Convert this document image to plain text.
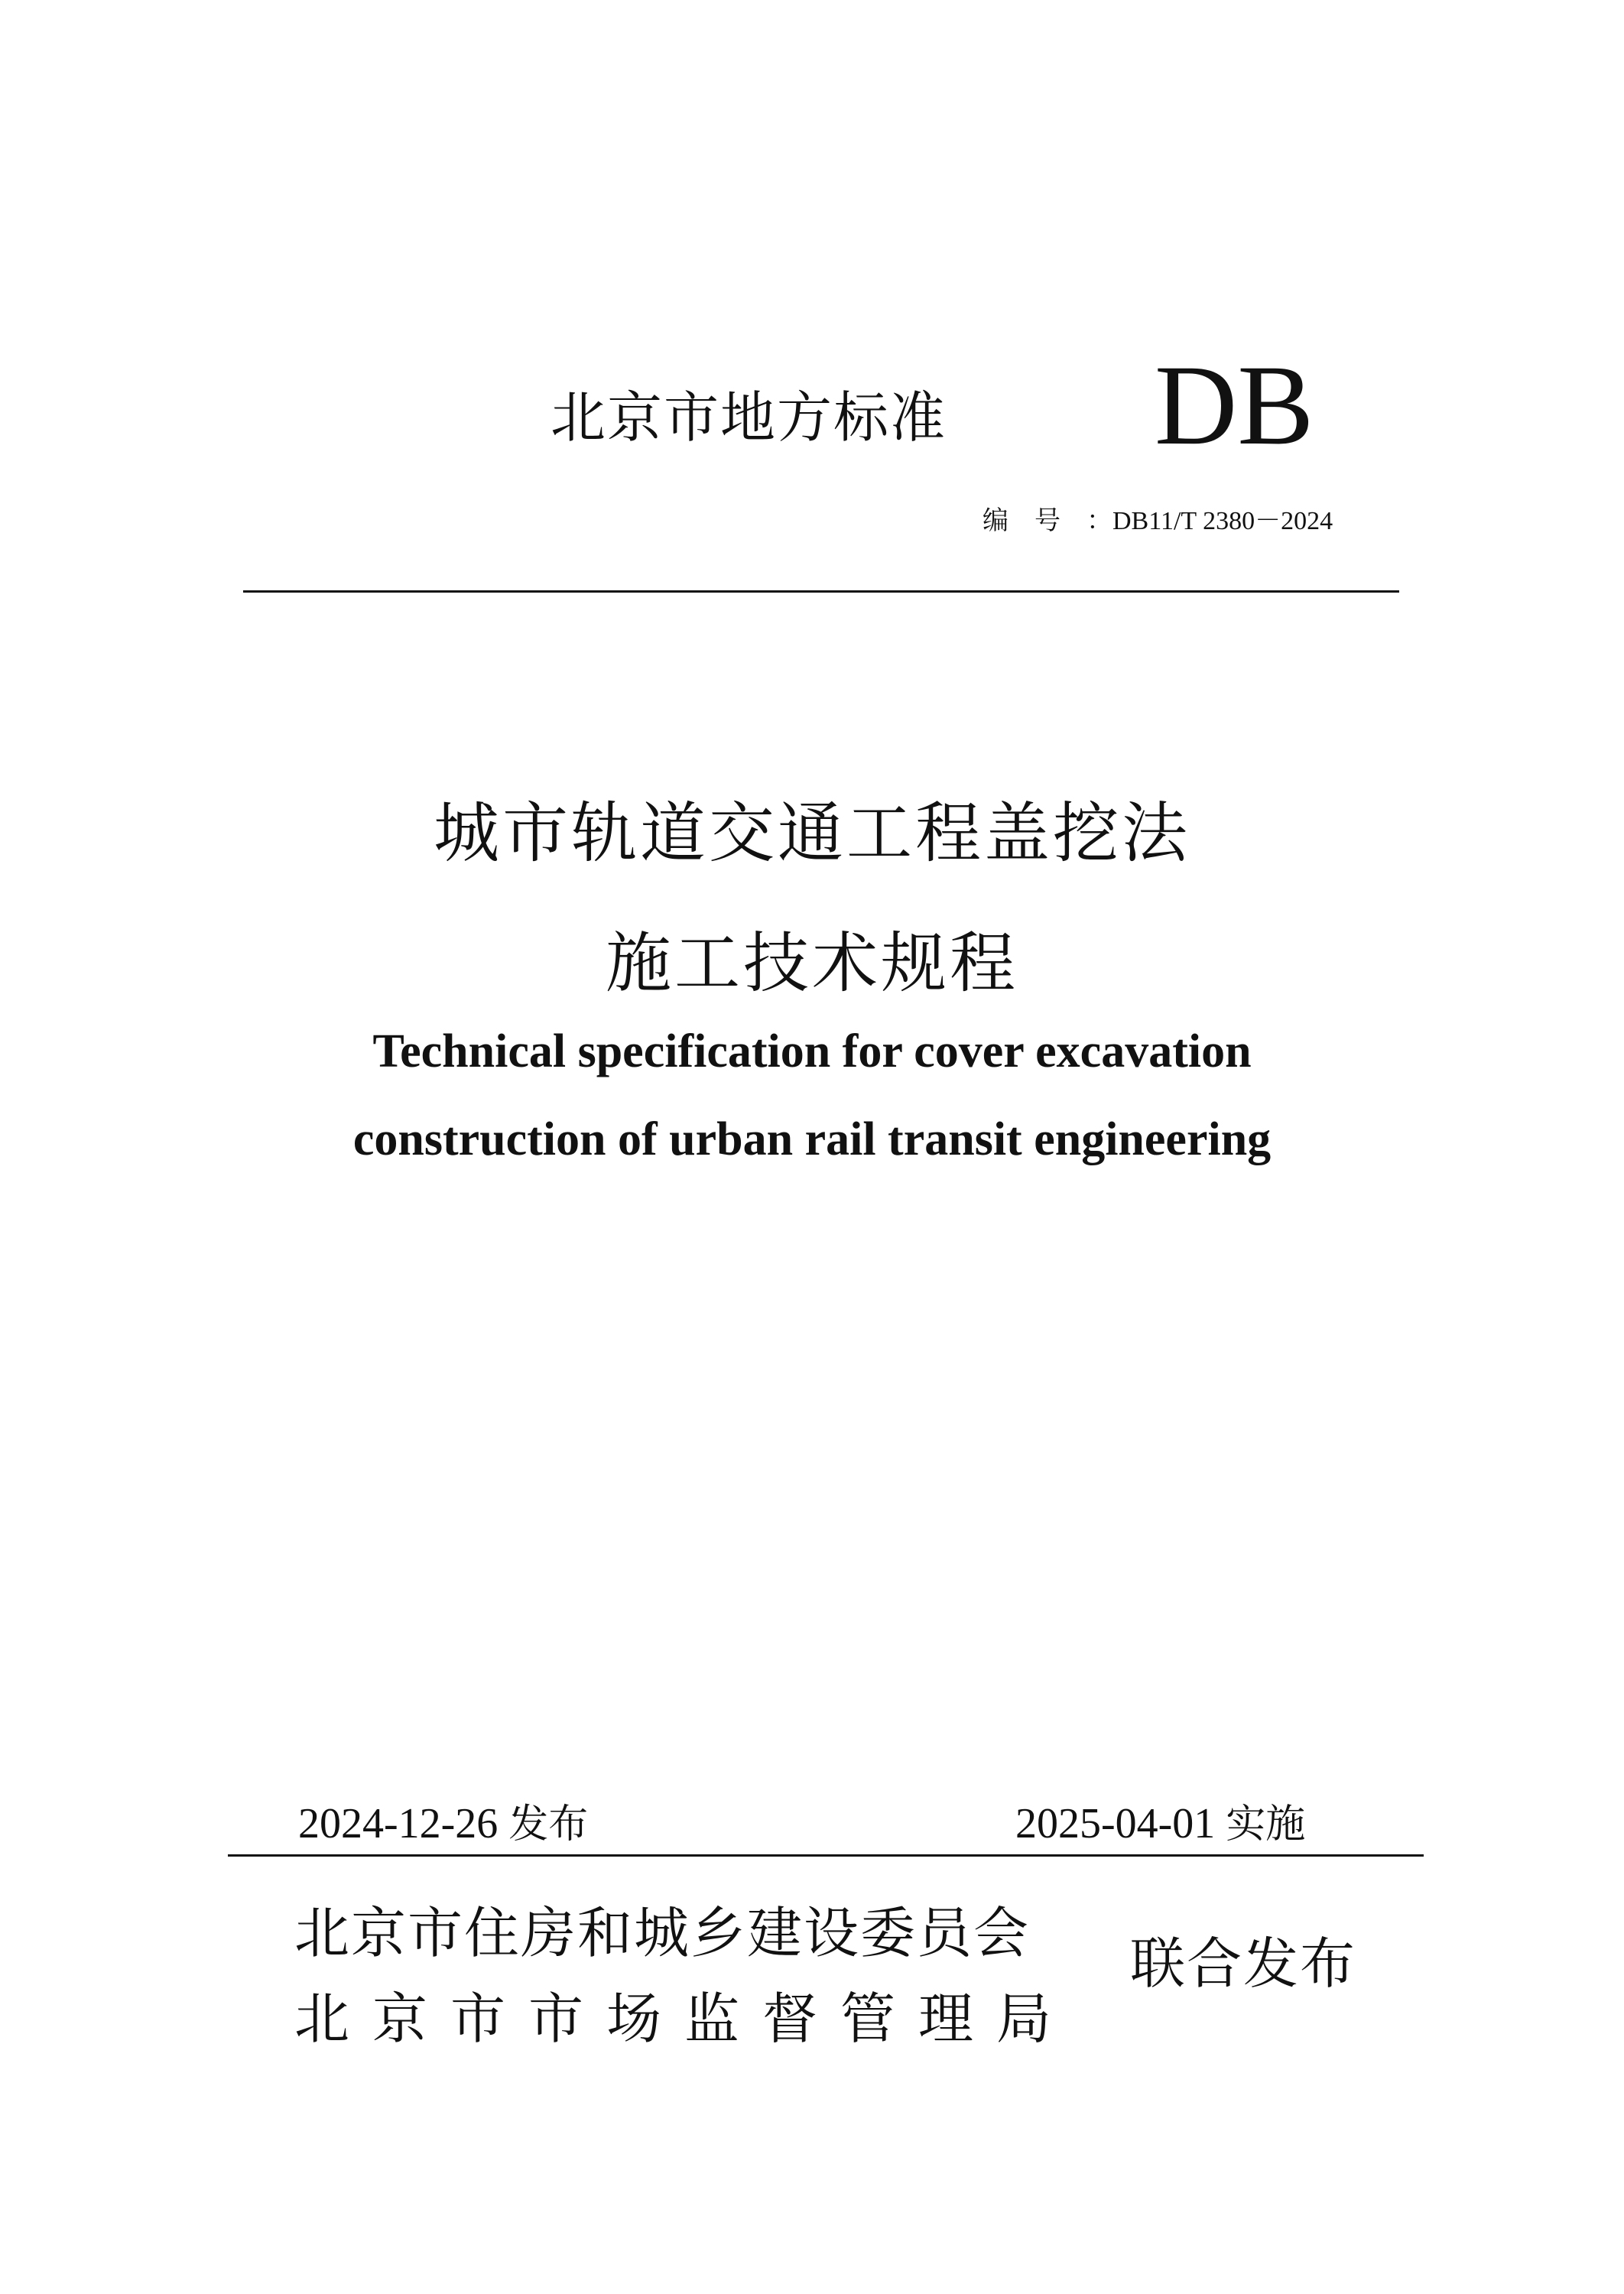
北京市地方标准 DB
编号：DB11/T 2380－2024
城市轨道交通工程盖挖法
施工技术规程
Technical specification for cover excavation
construction of urban rail transit engineering
2024-12-26 发布	2025-04-01 实施
北京市住房和城乡建设委员会
北京市市场监督管理局
联合发布
